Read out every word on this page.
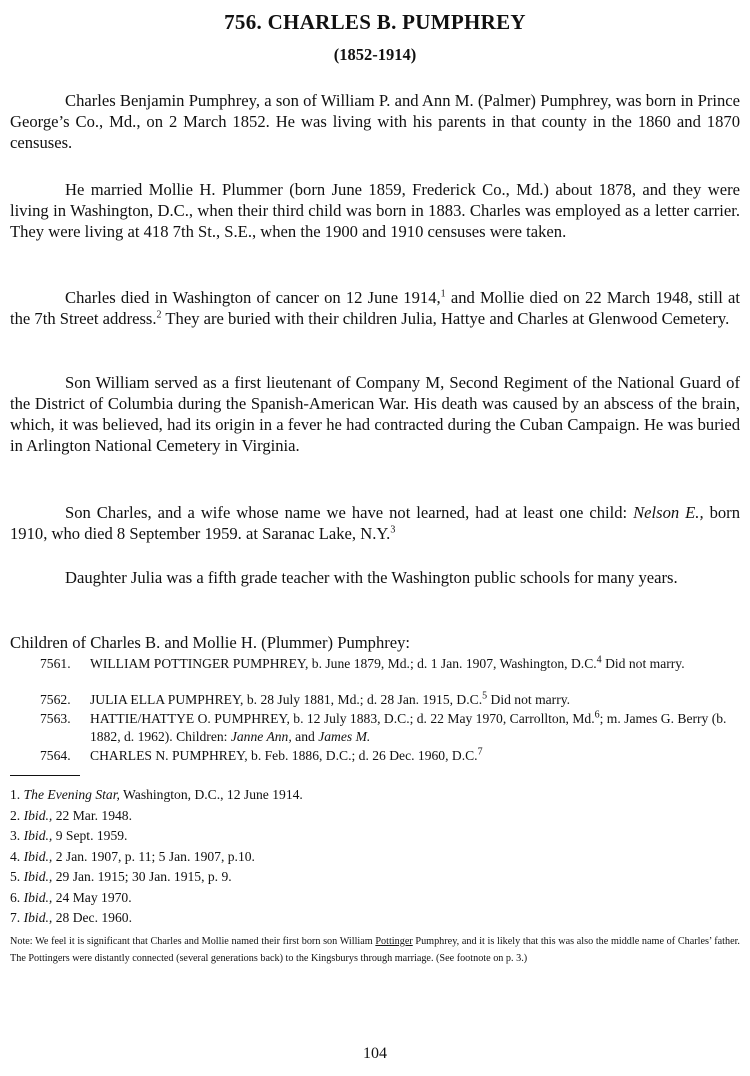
756. CHARLES B. PUMPHREY
(1852-1914)

Charles Benjamin Pumphrey, a son of William P. and Ann M. (Palmer) Pumphrey, was born in Prince George’s Co., Md., on 2 March 1852. He was living with his parents in that county in the 1860 and 1870 censuses.

He married Mollie H. Plummer (born June 1859, Frederick Co., Md.) about 1878, and they were living in Washington, D.C., when their third child was born in 1883. Charles was employed as a letter carrier. They were living at 418 7th St., S.E., when the 1900 and 1910 censuses were taken.

Charles died in Washington of cancer on 12 June 1914,$^1$ and Mollie died on 22 March 1948, still at the 7th Street address.$^2$ They are buried with their children Julia, Hattye and Charles at Glenwood Cemetery.

Son William served as a first lieutenant of Company M, Second Regiment of the National Guard of the District of Columbia during the Spanish-American War. His death was caused by an abscess of the brain, which, it was believed, had its origin in a fever he had contracted during the Cuban Campaign. He was buried in Arlington National Cemetery in Virginia.

Son Charles, and a wife whose name we have not learned, had at least one child: Nelson E., born 1910, who died 8 September 1959. at Saranac Lake, N.Y.$^3$

Daughter Julia was a fifth grade teacher with the Washington public schools for many years.

Children of Charles B. and Mollie H. (Plummer) Pumphrey:
7561.	WILLIAM POTTINGER PUMPHREY, b. June 1879, Md.; d. 1 Jan. 1907, Washington, D.C.$^4$ Did not marry.
7562.	JULIA ELLA PUMPHREY, b. 28 July 1881, Md.; d. 28 Jan. 1915, D.C.$^5$ Did not marry.
7563.	HATTIE/HATTYE O. PUMPHREY, b. 12 July 1883, D.C.; d. 22 May 1970, Carrollton, Md.$^6$; m. James G. Berry (b. 1882, d. 1962). Children: Janne Ann, and James M.
7564.	CHARLES N. PUMPHREY, b. Feb. 1886, D.C.; d. 26 Dec. 1960, D.C.$^7$
1. The Evening Star, Washington, D.C., 12 June 1914.
2. Ibid., 22 Mar. 1948.
3. Ibid., 9 Sept. 1959.
4. Ibid., 2 Jan. 1907, p. 11; 5 Jan. 1907, p.10.
5. Ibid., 29 Jan. 1915; 30 Jan. 1915, p. 9.
6. Ibid., 24 May 1970.
7. Ibid., 28 Dec. 1960.
Note: We feel it is significant that Charles and Mollie named their first born son William Pottinger Pumphrey, and it is likely that this was also the middle name of Charles’ father. The Pottingers were distantly connected (several generations back) to the Kingsburys through marriage. (See footnote on p. 3.)
104
